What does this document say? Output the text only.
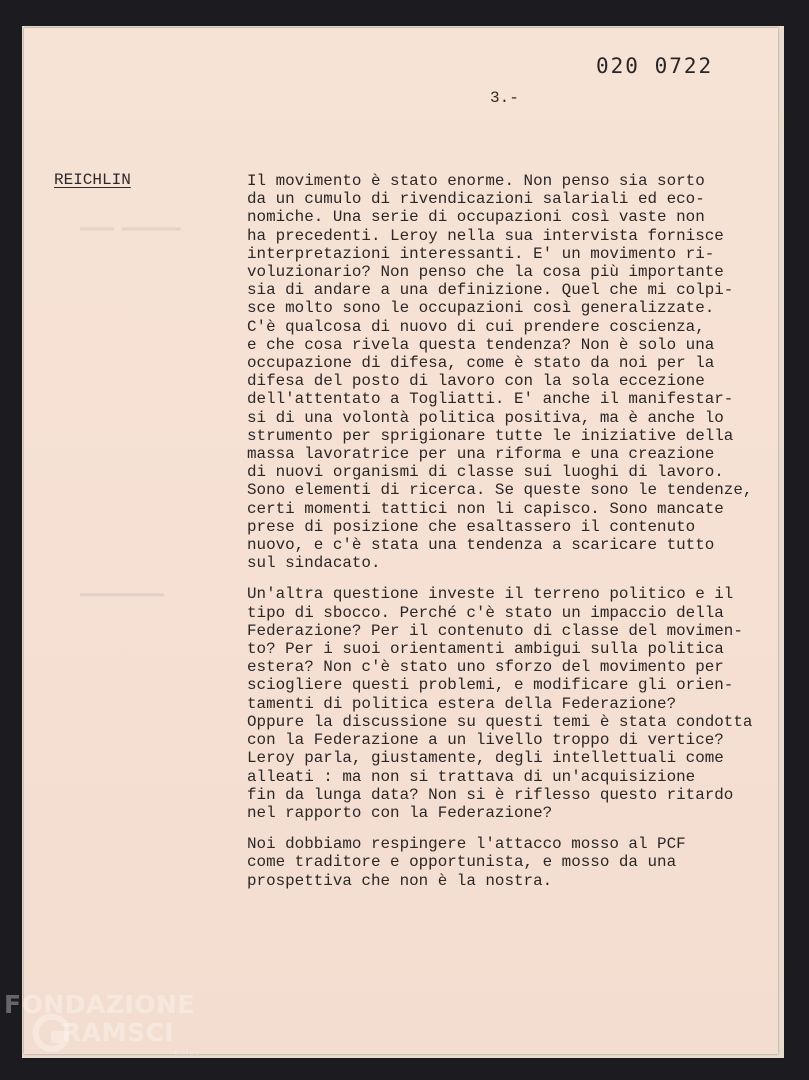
▬▬▬▬ ▬▬▬▬▬▬▬
▬▬▬▬▬▬▬▬▬▬
020 0722
3.-
REICHLIN	Il movimento è stato enorme. Non penso sia sorto
da un cumulo di rivendicazioni salariali ed eco-
nomiche. Una serie di occupazioni così vaste non
ha precedenti. Leroy nella sua intervista fornisce
interpretazioni interessanti. E' un movimento ri-
voluzionario? Non penso che la cosa più importante
sia di andare a una definizione. Quel che mi colpi-
sce molto sono le occupazioni così generalizzate.
C'è qualcosa di nuovo di cui prendere coscienza,
e che cosa rivela questa tendenza? Non è solo una
occupazione di difesa, come è stato da noi per la
difesa del posto di lavoro con la sola eccezione
dell'attentato a Togliatti. E' anche il manifestar-
si di una volontà politica positiva, ma è anche lo
strumento per sprigionare tutte le iniziative della
massa lavoratrice per una riforma e una creazione
di nuovi organismi di classe sui luoghi di lavoro.
Sono elementi di ricerca. Se queste sono le tendenze,
certi momenti tattici non li capisco. Sono mancate
prese di posizione che esaltassero il contenuto
nuovo, e c'è stata una tendenza a scaricare tutto
sul sindacato.
Un'altra questione investe il terreno politico e il
tipo di sbocco. Perché c'è stato un impaccio della
Federazione? Per il contenuto di classe del movimen-
to? Per i suoi orientamenti ambigui sulla politica
estera? Non c'è stato uno sforzo del movimento per
sciogliere questi problemi, e modificare gli orien-
tamenti di politica estera della Federazione?
Oppure la discussione su questi temi è stata condotta
con la Federazione a un livello troppo di vertice?
Leroy parla, giustamente, degli intellettuali come
alleati : ma non si trattava di un'acquisizione
fin da lunga data? Non si è riflesso questo ritardo
nel rapporto con la Federazione?
Noi dobbiamo respingere l'attacco mosso al PCF
come traditore e opportunista, e mosso da una
prospettiva che non è la nostra.
FONDAZIONE
RAMSCI
onlus
